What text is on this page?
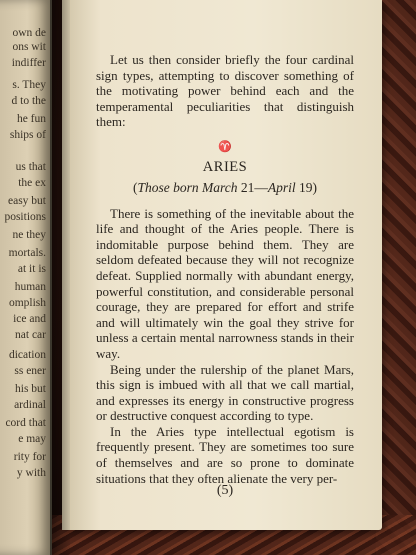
own de
ons wit
indiffer
s. They
d to the
he fun
ships of
us that
the ex
easy but
positions
ne they
mortals.
at it is
human
omplish
ice and
nat car
dication
ss ener
his but
ardinal
cord that
e may
rity for
y with

Let us then consider briefly the four cardinal sign types, attempting to discover something of the motivating power behind each and the temperamental peculiarities that distinguish them:

♈
ARIES
(Those born March 21—April 19)

There is something of the inevitable about the life and thought of the Aries people. There is indomitable purpose behind them. They are seldom defeated because they will not recognize defeat. Supplied normally with abundant energy, powerful constitution, and considerable personal courage, they are prepared for effort and strife and will ultimately win the goal they strive for unless a certain mental narrowness stands in their way.

Being under the rulership of the planet Mars, this sign is imbued with all that we call martial, and expresses its energy in constructive progress or destructive conquest according to type.

In the Aries type intellectual egotism is frequently present. They are sometimes too sure of themselves and are so prone to dominate situations that they often alienate the very per-

(5)
